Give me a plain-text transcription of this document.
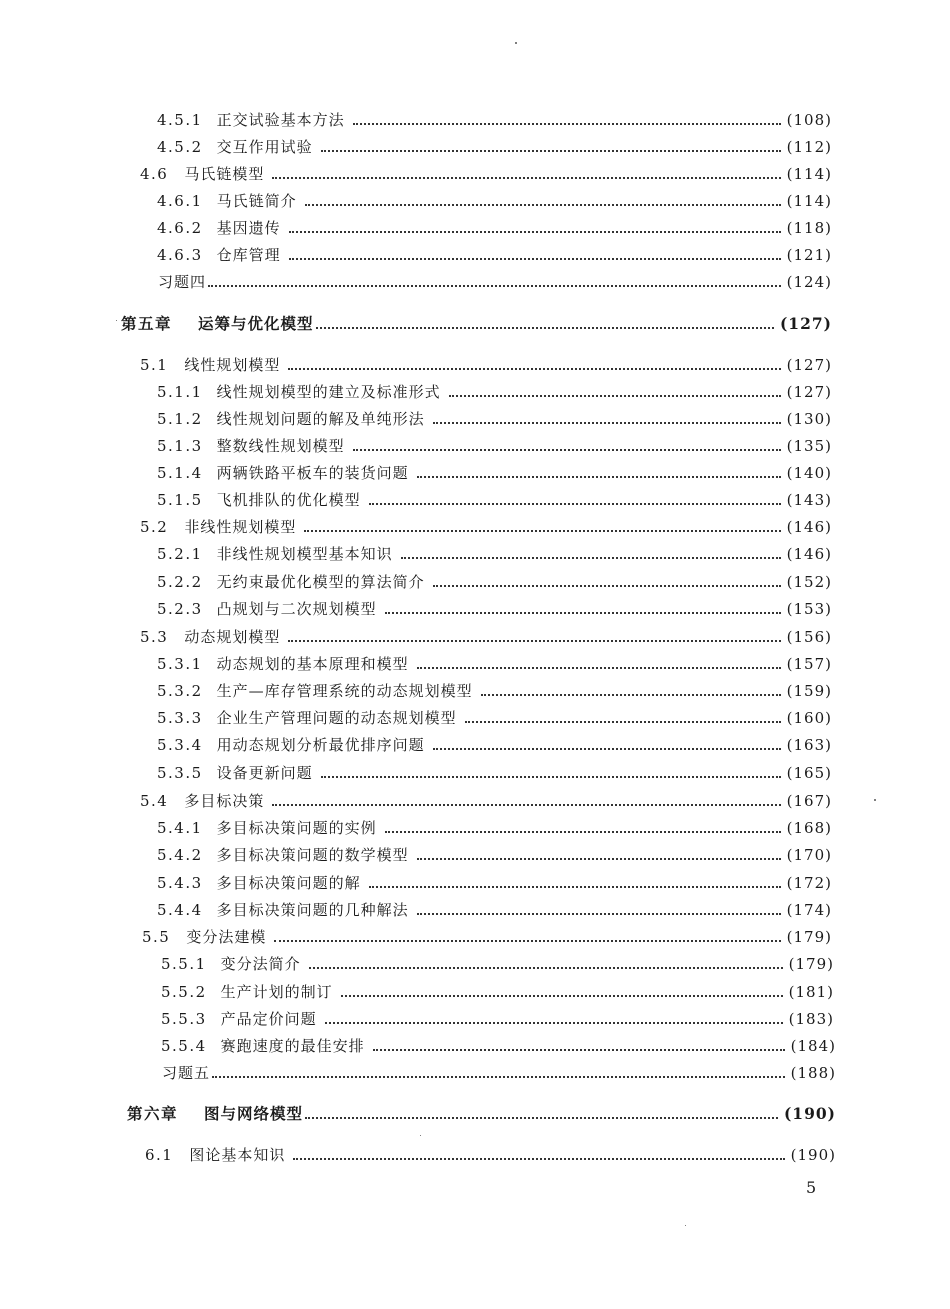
4.5.1 正交试验基本方法	(108)
4.5.2 交互作用试验	(112)
4.6 马氏链模型	(114)
4.6.1 马氏链简介	(114)
4.6.2 基因遗传	(118)
4.6.3 仓库管理	(121)
习题四	(124)
第五章 运筹与优化模型	(127)
5.1 线性规划模型	(127)
5.1.1 线性规划模型的建立及标准形式	(127)
5.1.2 线性规划问题的解及单纯形法	(130)
5.1.3 整数线性规划模型	(135)
5.1.4 两辆铁路平板车的装货问题	(140)
5.1.5 飞机排队的优化模型	(143)
5.2 非线性规划模型	(146)
5.2.1 非线性规划模型基本知识	(146)
5.2.2 无约束最优化模型的算法简介	(152)
5.2.3 凸规划与二次规划模型	(153)
5.3 动态规划模型	(156)
5.3.1 动态规划的基本原理和模型	(157)
5.3.2 生产—库存管理系统的动态规划模型	(159)
5.3.3 企业生产管理问题的动态规划模型	(160)
5.3.4 用动态规划分析最优排序问题	(163)
5.3.5 设备更新问题	(165)
5.4 多目标决策	(167)
5.4.1 多目标决策问题的实例	(168)
5.4.2 多目标决策问题的数学模型	(170)
5.4.3 多目标决策问题的解	(172)
5.4.4 多目标决策问题的几种解法	(174)
5.5 变分法建模	(179)
5.5.1 变分法简介	(179)
5.5.2 生产计划的制订	(181)
5.5.3 产品定价问题	(183)
5.5.4 赛跑速度的最佳安排	(184)
习题五	(188)
第六章 图与网络模型	(190)
6.1 图论基本知识	(190)
5
